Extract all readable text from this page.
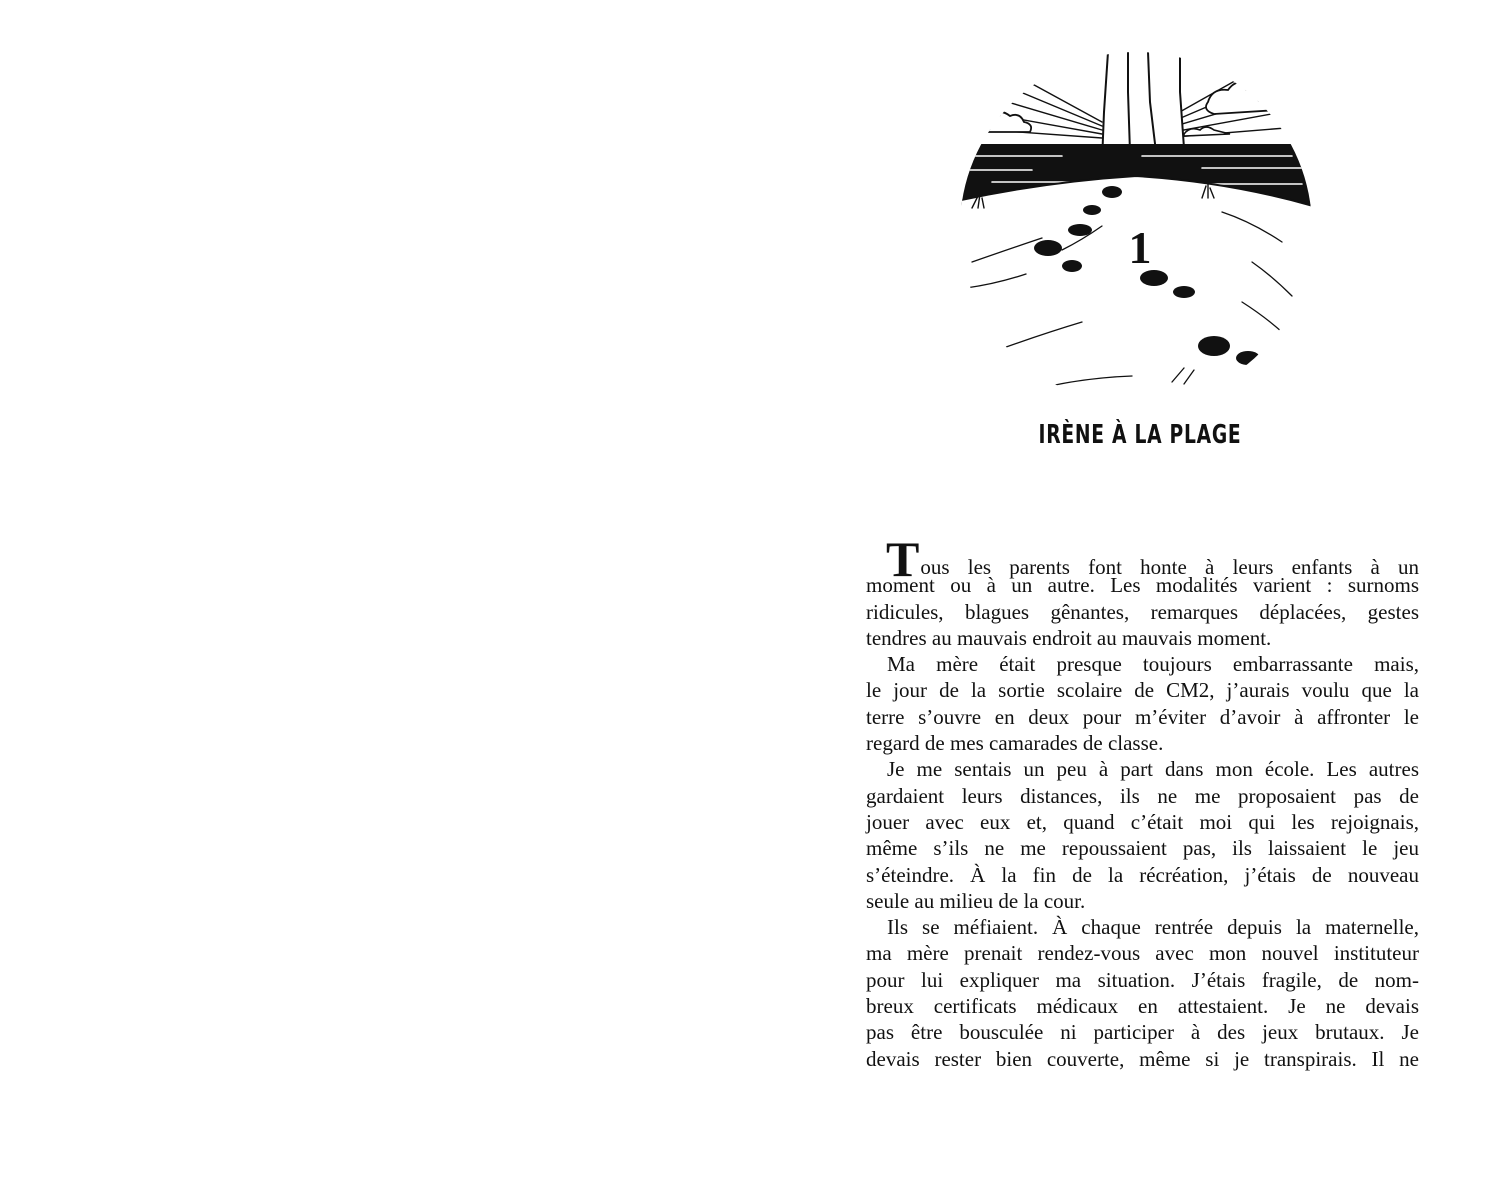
1
IRÈNE À LA PLAGE
Tous les parents font honte à leurs enfants à un
moment ou à un autre. Les modalités varient : surnoms
ridicules, blagues gênantes, remarques déplacées, gestes
tendres au mauvais endroit au mauvais moment.
Ma mère était presque toujours embarrassante mais,
le jour de la sortie scolaire de CM2, j’aurais voulu que la
terre s’ouvre en deux pour m’éviter d’avoir à affronter le
regard de mes camarades de classe.
Je me sentais un peu à part dans mon école. Les autres
gardaient leurs distances, ils ne me proposaient pas de
jouer avec eux et, quand c’était moi qui les rejoignais,
même s’ils ne me repoussaient pas, ils laissaient le jeu
s’éteindre. À la fin de la récréation, j’étais de nouveau
seule au milieu de la cour.
Ils se méfiaient. À chaque rentrée depuis la maternelle,
ma mère prenait rendez-vous avec mon nouvel instituteur
pour lui expliquer ma situation. J’étais fragile, de nom-
breux certificats médicaux en attestaient. Je ne devais
pas être bousculée ni participer à des jeux brutaux. Je
devais rester bien couverte, même si je transpirais. Il ne
